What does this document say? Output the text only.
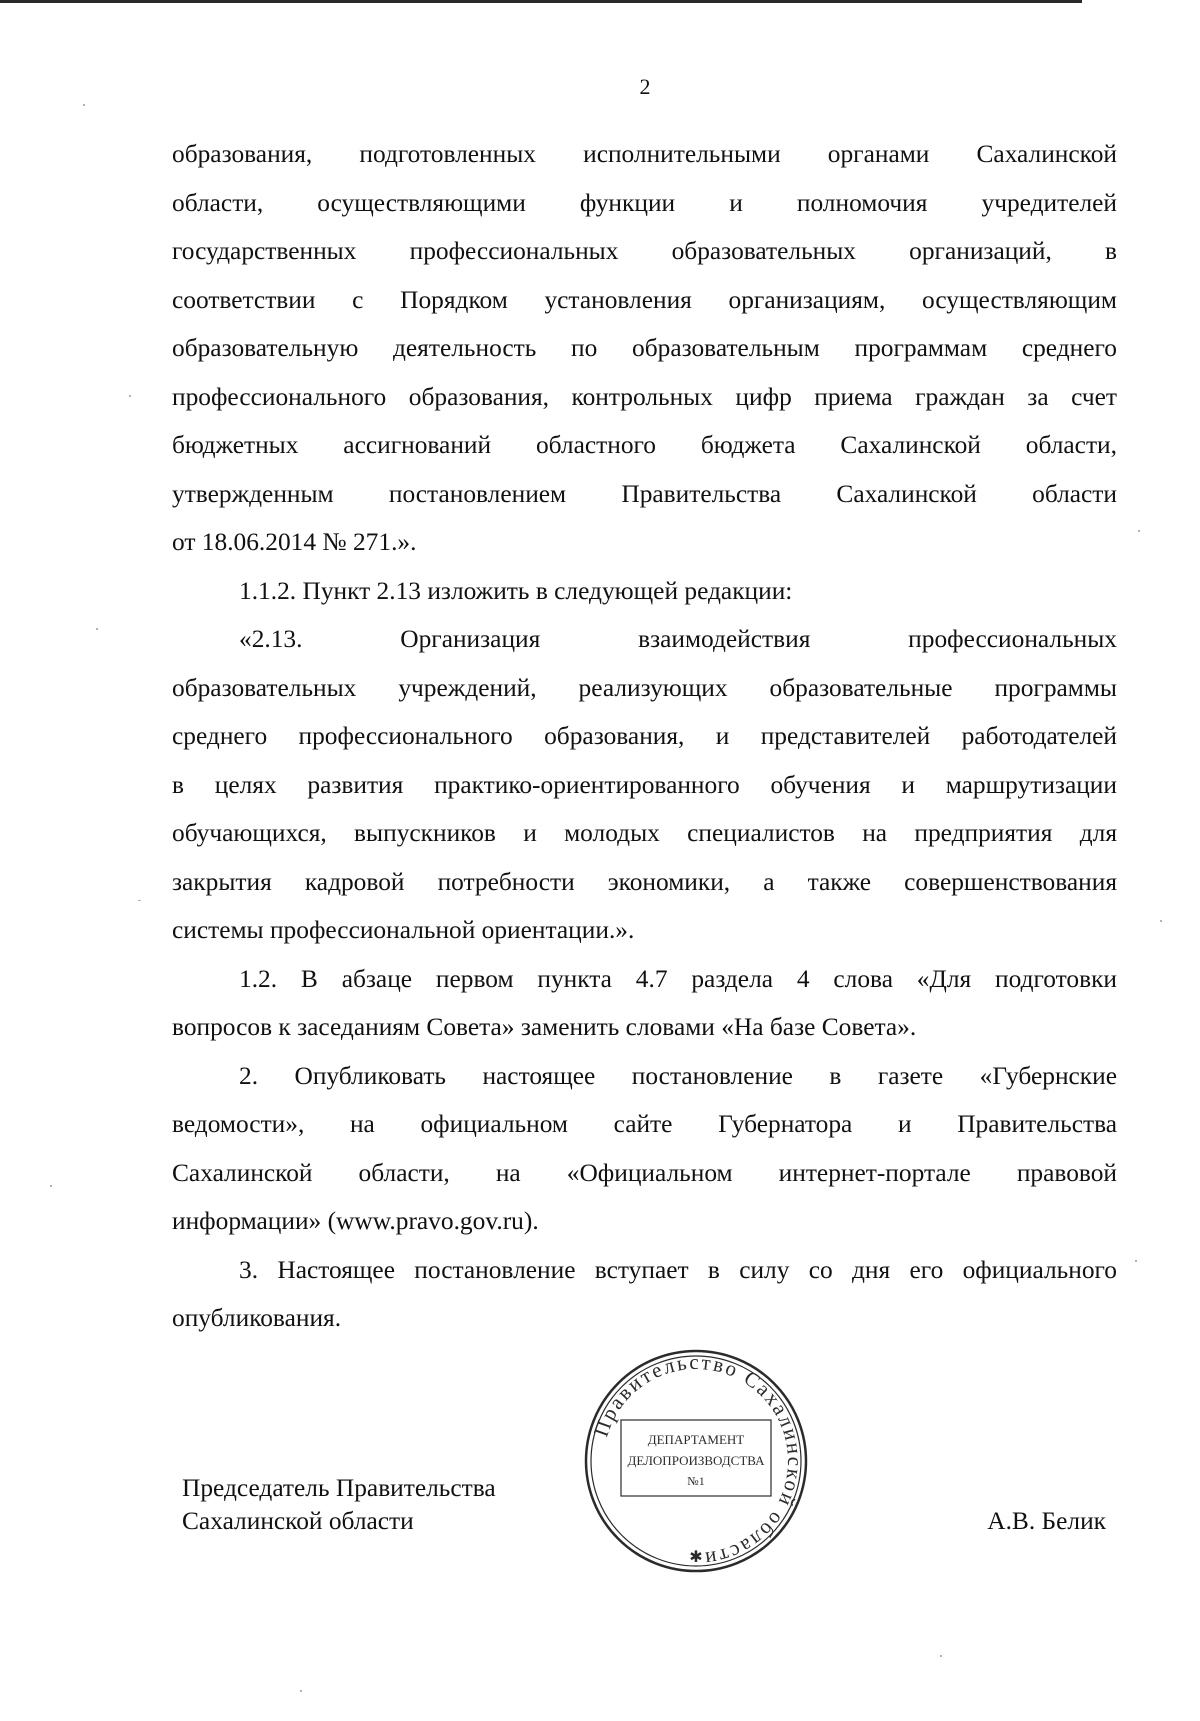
2

образования, подготовленных исполнительными органами Сахалинской
области, осуществляющими функции и полномочия учредителей
государственных профессиональных образовательных организаций, в
соответствии с Порядком установления организациям, осуществляющим
образовательную деятельность по образовательным программам среднего
профессионального образования, контрольных цифр приема граждан за счет
бюджетных ассигнований областного бюджета Сахалинской области,
утвержденным постановлением Правительства Сахалинской области
от 18.06.2014 № 271.».

1.1.2. Пункт 2.13 изложить в следующей редакции:

«2.13. Организация взаимодействия профессиональных
образовательных учреждений, реализующих образовательные программы
среднего профессионального образования, и представителей работодателей
в целях развития практико-ориентированного обучения и маршрутизации
обучающихся, выпускников и молодых специалистов на предприятия для
закрытия кадровой потребности экономики, а также совершенствования
системы профессиональной ориентации.».

1.2. В абзаце первом пункта 4.7 раздела 4 слова «Для подготовки
вопросов к заседаниям Совета» заменить словами «На базе Совета».

2. Опубликовать настоящее постановление в газете «Губернские
ведомости», на официальном сайте Губернатора и Правительства
Сахалинской области, на «Официальном интернет-портале правовой
информации» (www.pravo.gov.ru).

3. Настоящее постановление вступает в силу со дня его официального
опубликования.

Председатель Правительства
Сахалинской области
Правительство Сахалинской области
ДЕПАРТАМЕНТ
ДЕЛОПРОИЗВОДСТВА
№1
✱
А.В. Белик
